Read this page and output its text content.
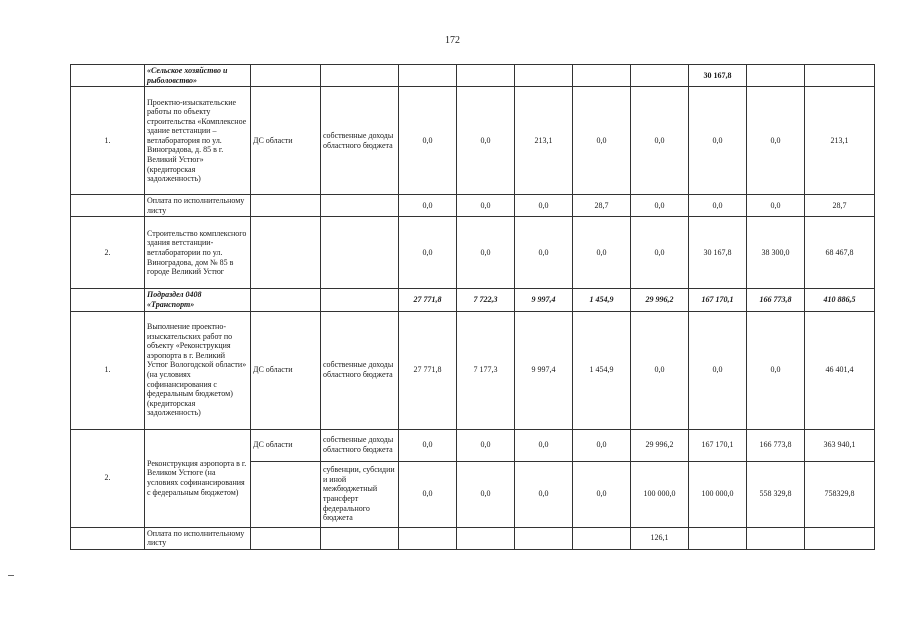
172
	«Сельское хозяйство и рыболовство»								30 167,8		
1.	Проектно-изыскательские работы по объекту строительства «Комплексное здание ветстанции – ветлаборатория по ул. Виноградова, д. 85 в г. Великий Устюг» (кредиторская задолженность)	ДС области	собственные доходы областного бюджета	0,0	0,0	213,1	0,0	0,0	0,0	0,0	213,1
	Оплата по исполнительному листу			0,0	0,0	0,0	28,7	0,0	0,0	0,0	28,7
2.	Строительство комплексного здания ветстанции-ветлаборатории по ул. Виноградова, дом № 85 в городе Великий Устюг			0,0	0,0	0,0	0,0	0,0	30 167,8	38 300,0	68 467,8
	Подраздел 0408 «Транспорт»			27 771,8	7 722,3	9 997,4	1 454,9	29 996,2	167 170,1	166 773,8	410 886,5
1.	Выполнение проектно-изыскательских работ по объекту «Реконструкция аэропорта в г. Великий Устюг Вологодской области» (на условиях софинансирования с федеральным бюджетом) (кредиторская задолженность)	ДС области	собственные доходы областного бюджета	27 771,8	7 177,3	9 997,4	1 454,9	0,0	0,0	0,0	46 401,4
2.	Реконструкция аэропорта в г. Великом Устюге (на условиях софинансирования с федеральным бюджетом)	ДС области	собственные доходы областного бюджета	0,0	0,0	0,0	0,0	29 996,2	167 170,1	166 773,8	363 940,1
			субвенции, субсидии и иной межбюджетный трансферт федерального бюджета	0,0	0,0	0,0	0,0	100 000,0	100 000,0	558 329,8	758329,8
	Оплата по исполнительному листу							126,1			
